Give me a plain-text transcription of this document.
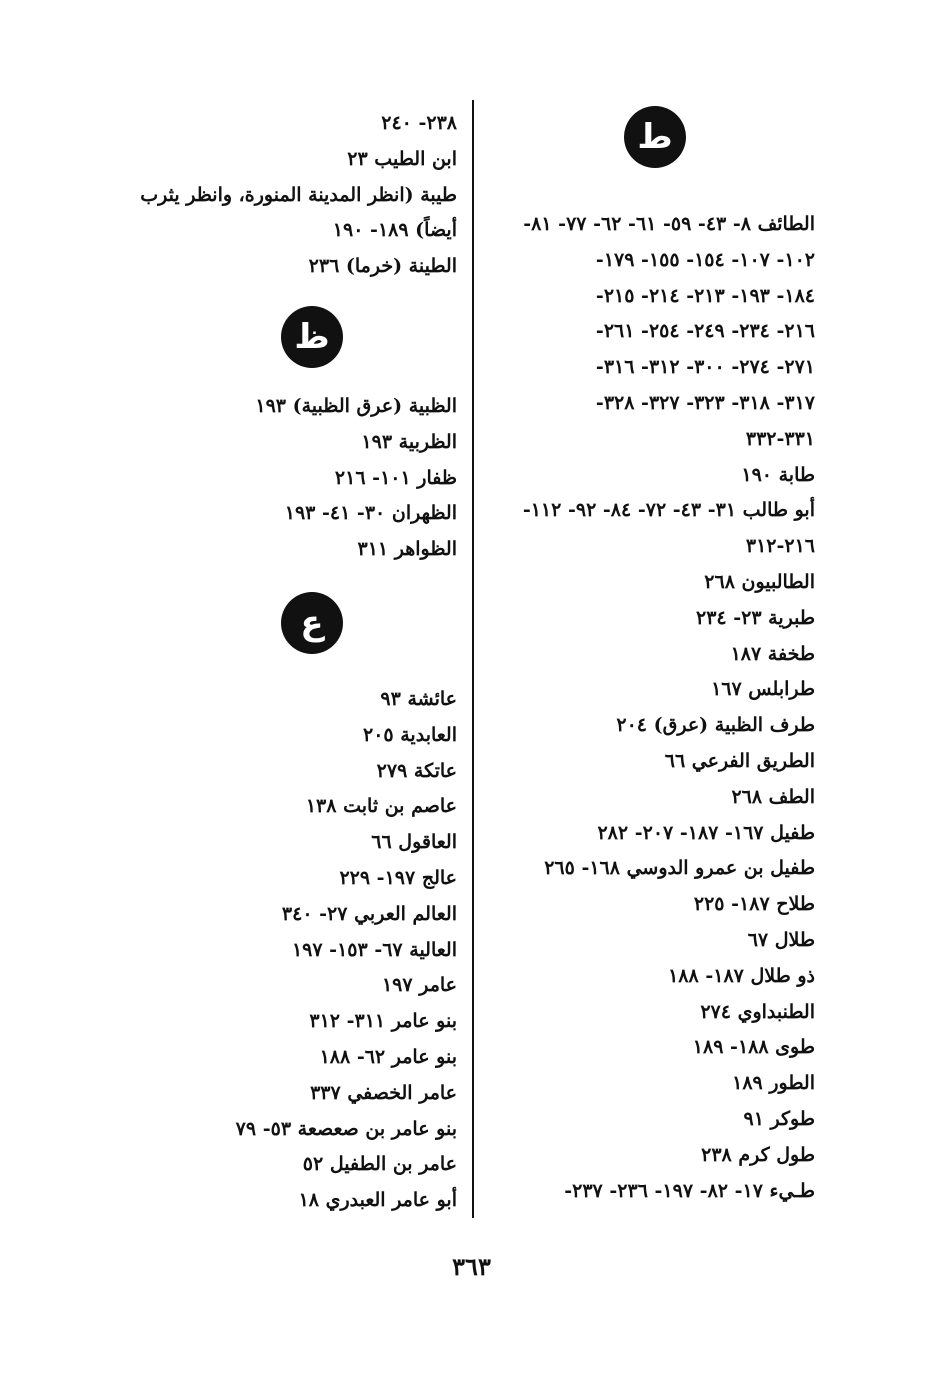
ط
ظ
ع
الطائف ٨- ٤٣- ٥٩- ٦١- ٦٢- ٧٧- ٨١-
١٠٢- ١٠٧- ١٥٤- ١٥٥- ١٧٩-
١٨٤- ١٩٣- ٢١٣- ٢١٤- ٢١٥-
٢١٦- ٢٣٤- ٢٤٩- ٢٥٤- ٢٦١-
٢٧١- ٢٧٤- ٣٠٠- ٣١٢- ٣١٦-
٣١٧- ٣١٨- ٣٢٣- ٣٢٧- ٣٢٨-
٣٣١-٣٣٢
طابة ١٩٠
أبو طالب ٣١- ٤٣- ٧٢- ٨٤- ٩٢- ١١٢-
٢١٦-٣١٢
الطالبيون ٢٦٨
طبرية ٢٣- ٢٣٤
طخفة ١٨٧
طرابلس ١٦٧
طرف الظبية (عرق) ٢٠٤
الطريق الفرعي ٦٦
الطف ٢٦٨
طفيل ١٦٧- ١٨٧- ٢٠٧- ٢٨٢
طفيل بن عمرو الدوسي ١٦٨- ٢٦٥
طلاح ١٨٧- ٢٢٥
طلال ٦٧
ذو طلال ١٨٧- ١٨٨
الطنبداوي ٢٧٤
طوى ١٨٨- ١٨٩
الطور ١٨٩
طوكر ٩١
طول كرم ٢٣٨
طـيء ١٧- ٨٢- ١٩٧- ٢٣٦- ٢٣٧-
٢٣٨- ٢٤٠
ابن الطيب ٢٣
طيبة (انظر المدينة المنورة، وانظر يثرب
أيضاً) ١٨٩- ١٩٠
الطينة (خرما) ٢٣٦
الظبية (عرق الظبية) ١٩٣
الظربية ١٩٣
ظفار ١٠١- ٢١٦
الظهران ٣٠- ٤١- ١٩٣
الظواهر ٣١١
عائشة ٩٣
العابدية ٢٠٥
عاتكة ٢٧٩
عاصم بن ثابت ١٣٨
العاقول ٦٦
عالج ١٩٧- ٢٢٩
العالم العربي ٢٧- ٣٤٠
العالية ٦٧- ١٥٣- ١٩٧
عامر ١٩٧
بنو عامر ٣١١- ٣١٢
بنو عامر ٦٢- ١٨٨
عامر الخصفي ٣٣٧
بنو عامر بن صعصعة ٥٣- ٧٩
عامر بن الطفيل ٥٢
أبو عامر العبدري ١٨
٣٦٣
